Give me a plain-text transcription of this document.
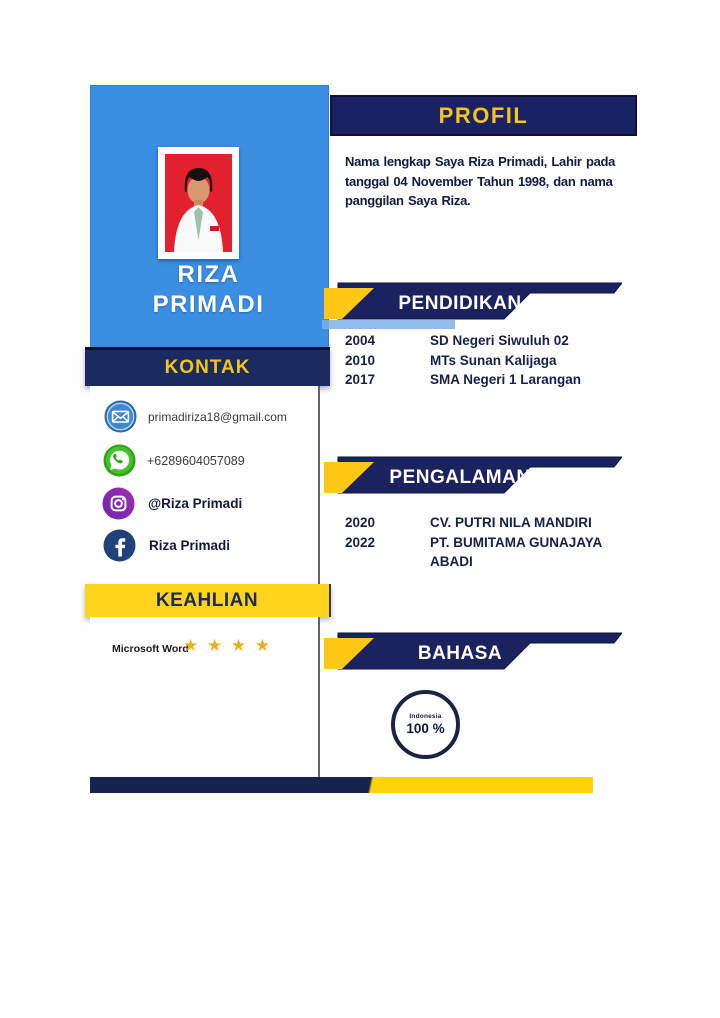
RIZA
PRIMADI
KONTAK
primadiriza18@gmail.com
+6289604057089
@Riza Primadi
Riza Primadi
KEAHLIAN
Microsoft Word
★ ★ ★ ★
PROFIL
Nama lengkap Saya Riza Primadi, Lahir pada
tanggal 04 November Tahun 1998, dan nama
panggilan Saya Riza.
PENDIDIKAN
2004	SD Negeri Siwuluh 02
2010	MTs Sunan Kalijaga
2017	SMA Negeri 1 Larangan
PENGALAMAN
2020	CV. PUTRI NILA MANDIRI
2022	PT. BUMITAMA GUNAJAYA ABADI
BAHASA
Indonesia
100 %
